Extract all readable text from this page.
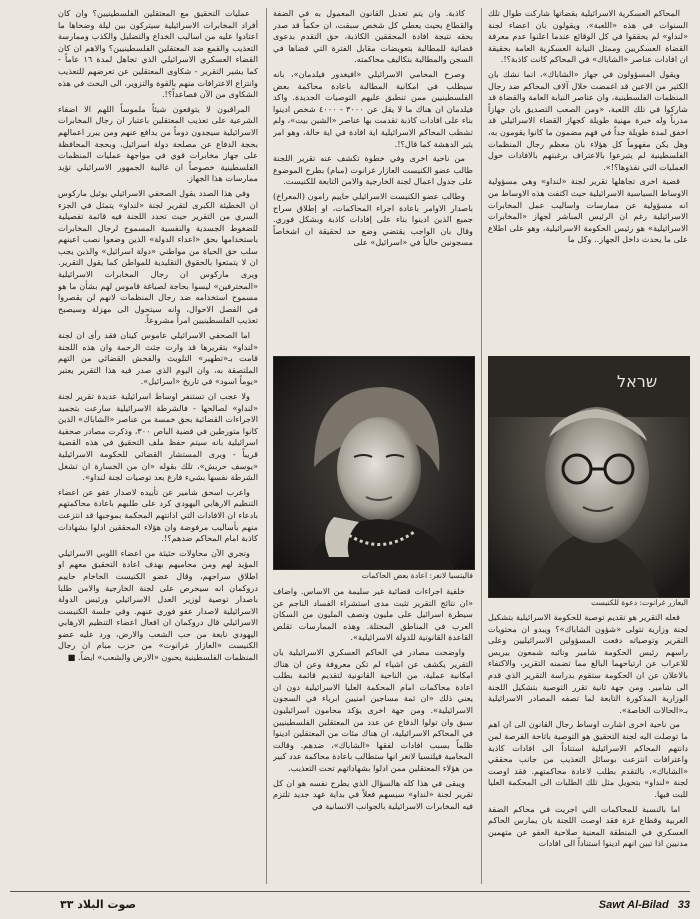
المحاكم العسكرية الاسرائيلية بقضاتها شاركت طوال تلك السنوات في هذه «اللعبة»، ويقولون بان اعضاء لجنة «لنداو» لم يحققوا في كل الوقائع عندما اعلنوا عدم معرفة القضاة العسكريين وممثل النيابة العسكرية العامة بحقيقة ان افادات عناصر «الشاباك» في المحاكم كانت كاذبة؟!.

ويقول المسؤولون في جهاز «الشاباك»، انما نشك بان الكثير من الاعين قد اغمضت خلال آلاف المحاكم ضد رجال المنظمات الفلسطينية، وان عناصر النيابة العامة والقضاة قد شاركوا في تلك اللعبة، «ومن الصعب التصديق بان جهازاً مدرباً وله خبرة مهنية طويلة كجهاز القضاء الاسرائيلي قد اخفق لمدة طويلة جداً في فهم مضمون ما كانوا يقومون به، وهل يكن مفهوماً كل هؤلاء بان معظم رجال المنظمات الفلسطينية لم يتبرعوا بالاعتراف برغبتهم بالافادات حول العمليات التي نفذوها؟!».

قضية اخرى تجاهلها تقرير لجنة «لنداو» وهي مسؤولية الاوساط السياسية الاسرائيلية حيث اكتفت هذه الاوساط من انه مسؤولية عن ممارسات واساليب عمل المخابرات الاسرائيلية رغم ان الرئيس المباشر لجهاز «المخابرات الاسرائيلية» هو رئيس الحكومة الاسرائيلية، وهو على اطلاع على ما يحدث داخل الجهاز.. وكل ما

שראל
اليعازر غرانوت: دعوة للكنيست

فعله التقرير هو تقديم توصية للحكومة الاسرائيلية بتشكيل لجنة وزارية تتولى «شؤون الشاباك»؟ ويبدو ان محتويات التقرير وتوصياته دفعت المسؤولين الاسرائيليين وعلى راسهم رئيس الحكومة شامير ونائبه شمعون بيريس للاعراب عن ارتياحهما البالغ مما تضمنه التقرير، والاكتفاء بالاعلان عن ان الحكومة ستقوم بدراسة التقرير الذي قدم الى شامير. ومن جهة ثانية تقرر التوصية بتشكيل اللجنة الوزارية المذكورة التابعة لما تصفه المصادر الاسرائيلية بـ«الحالات الخاصة».

من ناحية اخرى اشارت اوساط رجال القانون الى ان اهم ما توصلت اليه لجنة التحقيق هو التوصية باتاحة الفرصة لمن دانتهم المحاكم الاسرائيلية استناداً الى افادات كاذبة واعترافات انتزعت بوسائل التعذيب من جانب محققي «الشاباك»، بالتقدم بطلب لاعادة محاكمتهم. فقد اوصت لجنة «لنداو» بتحويل مثل تلك الطلبات الى المحكمة العليا للبت فيها.

اما بالنسبة للمحاكمات التي اجريت في محاكم الضفة الغربية وقطاع غزة فقد اوصت اللجنة بان يمارس الحاكم العسكري في المنطقة المعنية صلاحية العفو عن متهمين مدنيين اذا تبين انهم ادينوا استناداً الى افادات

كاذبة. وان يتم تعديل القانون المعمول به في الضفة والقطاع بحيث يعطي كل شخص سبقت، ان حكماً قد صدر بحقه نتيجة افادة المحققين الكاذبة، حق التقدم بدعوى قضائية للمطالبة بتعويضات مقابل الفترة التي قضاها في السجن والمطالبة بتكاليف محاكمته.

وصرح المحامي الاسرائيلي «افيغدور فيلدمان»، بانه سيطلب في امكانية المطالبة باعادة محاكمة بعض الفلسطينيين ممن تنطبق عليهم التوصيات الجديدة. واكد فيلدمان ان هناك ما لا يقل عن ٣٠٠٠ - ٤٠٠٠ شخص ادينوا بناء على افادات كاذبة تقدمت بها عناصر «الشين بيت»، ولم تشطب المحاكم الاسرائيلية اية افادة في اية حالة، وهو امر يثير الدهشة كما قال؟!.

من ناحية اخرى وفي خطوة تكشف عنه تقرير اللجنة طالب عضو الكنيست العازار غرانوت (مبام) بطرح الموضوع على جدول اعمال لجنة الخارجية والامن التابعة للكنيست.

وطالب عضو الكنيست الاسرائيلي حاييم رامون (المعراخ) باصدار الاوامر باعادة اجراء المحاكمات، او إطلاق سراح جميع الذين ادينوا بناء على إفادات كاذبة وبشكل فوري. وقال بان الواجب يقتضي وضع حد لحقيقة ان اشخاصاً مسجونين حالياً في «اسرائيل» على

فاليتسيا لانغر: اعادة بعض الحاكمات

خلفية اجراءات قضائية غير سليمة من الاساس. واضاف «ان نتائج التقرير تثبت مدى استشراء الفساد الناجم عن سيطرة اسرائيل على مليون ونصف المليون من السكان العرب في المناطق المحتلة. وهذه الممارسات تقلص القاعدة القانونية للدولة الاسرائيلية».

واوضحت مصادر في الحاكم العسكري الاسرائيلية بان التقرير يكشف عن اشياء لم تكن معروفة وعن ان هناك امكانية عملية، من الناحية القانونية لتقديم قائمة بطلب اعادة محاكمات امام المحكمة العليا الاسرائيلية دون ان يعني ذلك «ان ثمة مساجين امنيين ابرياء في السجون الاسرائيلية». ومن جهة اخرى يؤكد محامون اسرائيليون سبق وان تولوا الدفاع عن عدد من المعتقلين الفلسطينيين في المحاكم الاسرائيلية، ان هناك مئات من المعتقلين ادينوا ظلماً بسبب افادات لفقها «الشاباك»، ضدهم. وقالت المحامية فيلتسيا لانغر انها ستطالب باعادة محاكمة عدد كبير من هؤلاء المعتقلين ممن ادلوا بشهاداتهم تحت التعذيب.

ويبقى في هذا كله هالسؤال الذي يطرح نفسه هو ان كل تقرير لجنة «لنداو» سيسهم فعلاً في بداية عهد جديد تلتزم فيه المخابرات الاسرائيلية بالجوانب الانسانية في

عمليات التحقيق مع المعتقلين الفلسطينيين؟ وان كان أفراد المخابرات الاسرائيلية سيتركون بين ليلة وضحاها ما اعتادوا عليه من اساليب الخداع والتضليل والكذب وممارسة التعذيب والقمع ضد المعتقلين الفلسطينيين؟ والاهم ان كان القضاء العسكري الاسرائيلي الذي تجاهل لمدة ١٦ عاماً - كما يشير التقرير - شكاوى المعتقلين عن تعرضهم للتعذيب وانتزاع الاعترافات منهم بالقوة والتزوير، الى البحث في هذه الشكاوى من الآن فصاعداً؟!.

المراقبون لا يتوقعون شيئاً ملموساً اللهم الا اضفاء الشرعية على تعذيب المعتقلين باعتبار ان رجال المخابرات الاسرائيلية سيجدون دوماً من يدافع عنهم ومن يبرر اعمالهم بحجة الدفاع عن مصلحة دولة اسرائيل، وبحجة المحافظة على جهاز مخابرات قوي في مواجهة عمليات المنظمات الفلسطينية خصوصاً ان غالبية الجمهور الاسرائيلي تؤيد ممارسات هذا الجهاز.

وفي هذا الصدد يقول الصحفي الاسرائيلي يوئيل ماركوس ان الخطيئة الكبرى لتقرير لجنة «لنداو» يتمثل في الجزء السري من التقرير حيث تحدد اللجنة فيه قائمة تفصيلية للضغوط الجسدية والنفسية المسموح لرجال المخابرات باستخدامها بحق «اعداء الدولة» الذين وضعوا نصب اعينهم سلب حق الحياة من مواطني «دولة اسرائيل» والذين يجب ان لا يتمتعوا بالحقوق التقليدية للمواطن كما يقول التقرير. ويرى ماركوس ان رجال المخابرات الاسرائيلية «المحترفين» ليسوا بحاجة لصياغة قاموس لهم بشأن ما هو مسموح استخدامه ضد رجال المنظمات لانهم لن يقصروا في الفصل الاحوال، وانه سيتحول الى مهزلة وسيصبح تعذيب الفلسطينيين امراً مشروعاً.

اما الصحفي الاسرائيلي عاموس كينان فقد رأى ان لجنة «لنداو» بتقريرها قد وارت جثث الرحمة وان هذه اللجنة قامت بـ«تطهير» التلويث والفحش القضائي من التهم الملتصقة به، وان اليوم الذي صدر فيه هذا التقرير يعتبر «يوماً اسود» في تاريخ «اسرائيل».

ولا عجب ان تستنفر اوساط اسرائيلية عديدة تقرير لجنة «لنداو» لصالحها - فالشرطة الاسرائيلية سارعت بتجميد الاجراءات القضائية بحق خمسة من عناصر «الشاباك» الذين كانوا متورطين في قضية الباص ٣٠٠، وذكرت مصادر صحفية اسرائيلية بانه سيتم حفظ ملف التحقيق في هذه القضية قريباً - ويرى المستشار القضائي للحكومة الاسرائيلية «يوسف حريش»، تلك بقوله «ان من الخسارة ان تشغل الشرطة نفسها بشيء فارغ بعد توصيات لجنة لنداو».

واعرب اسحق شامير عن تأييده لاصدار عفو عن اعضاء التنظيم الارهابي اليهودي كرد على طلبهم باعادة محاكمتهم بادعاء ان الافادات التي ادانتهم المحكمة بموجبها قد انتزعت منهم بأساليب مرفوضة وان هؤلاء المحققين ادلوا بشهادات كاذبة امام المحاكم ضدهم؟!.

وتجري الآن محاولات حثيثة من اعضاء اللوبي الاسرائيلي المؤيد لهم ومن محاميهم بهدف اعادة التحقيق معهم او اطلاق سراحهم، وقال عضو الكنيست الحاخام حاييم دروكمان انه سيحرص على لجنة الخارجية والامن طلبا باصدار توصية لوزير العدل الاسرائيلي ورئيس الدولة الاسرائيلية لاصدار عفو فوري عنهم. وفي جلسة الكنيست الاسرائيلي قال دروكمان ان افعال اعضاء التنظيم الارهابي اليهودي نابعة من حب الشعب والارض، ورد عليه عضو الكنيست «العازار غرانوت» من حزب مبام ان رجال المنظمات الفلسطينية يحبون «الارض والشعب» ايضاً. ■

Sawt Al-Bilad 33
صوت البلاد ٣٣
